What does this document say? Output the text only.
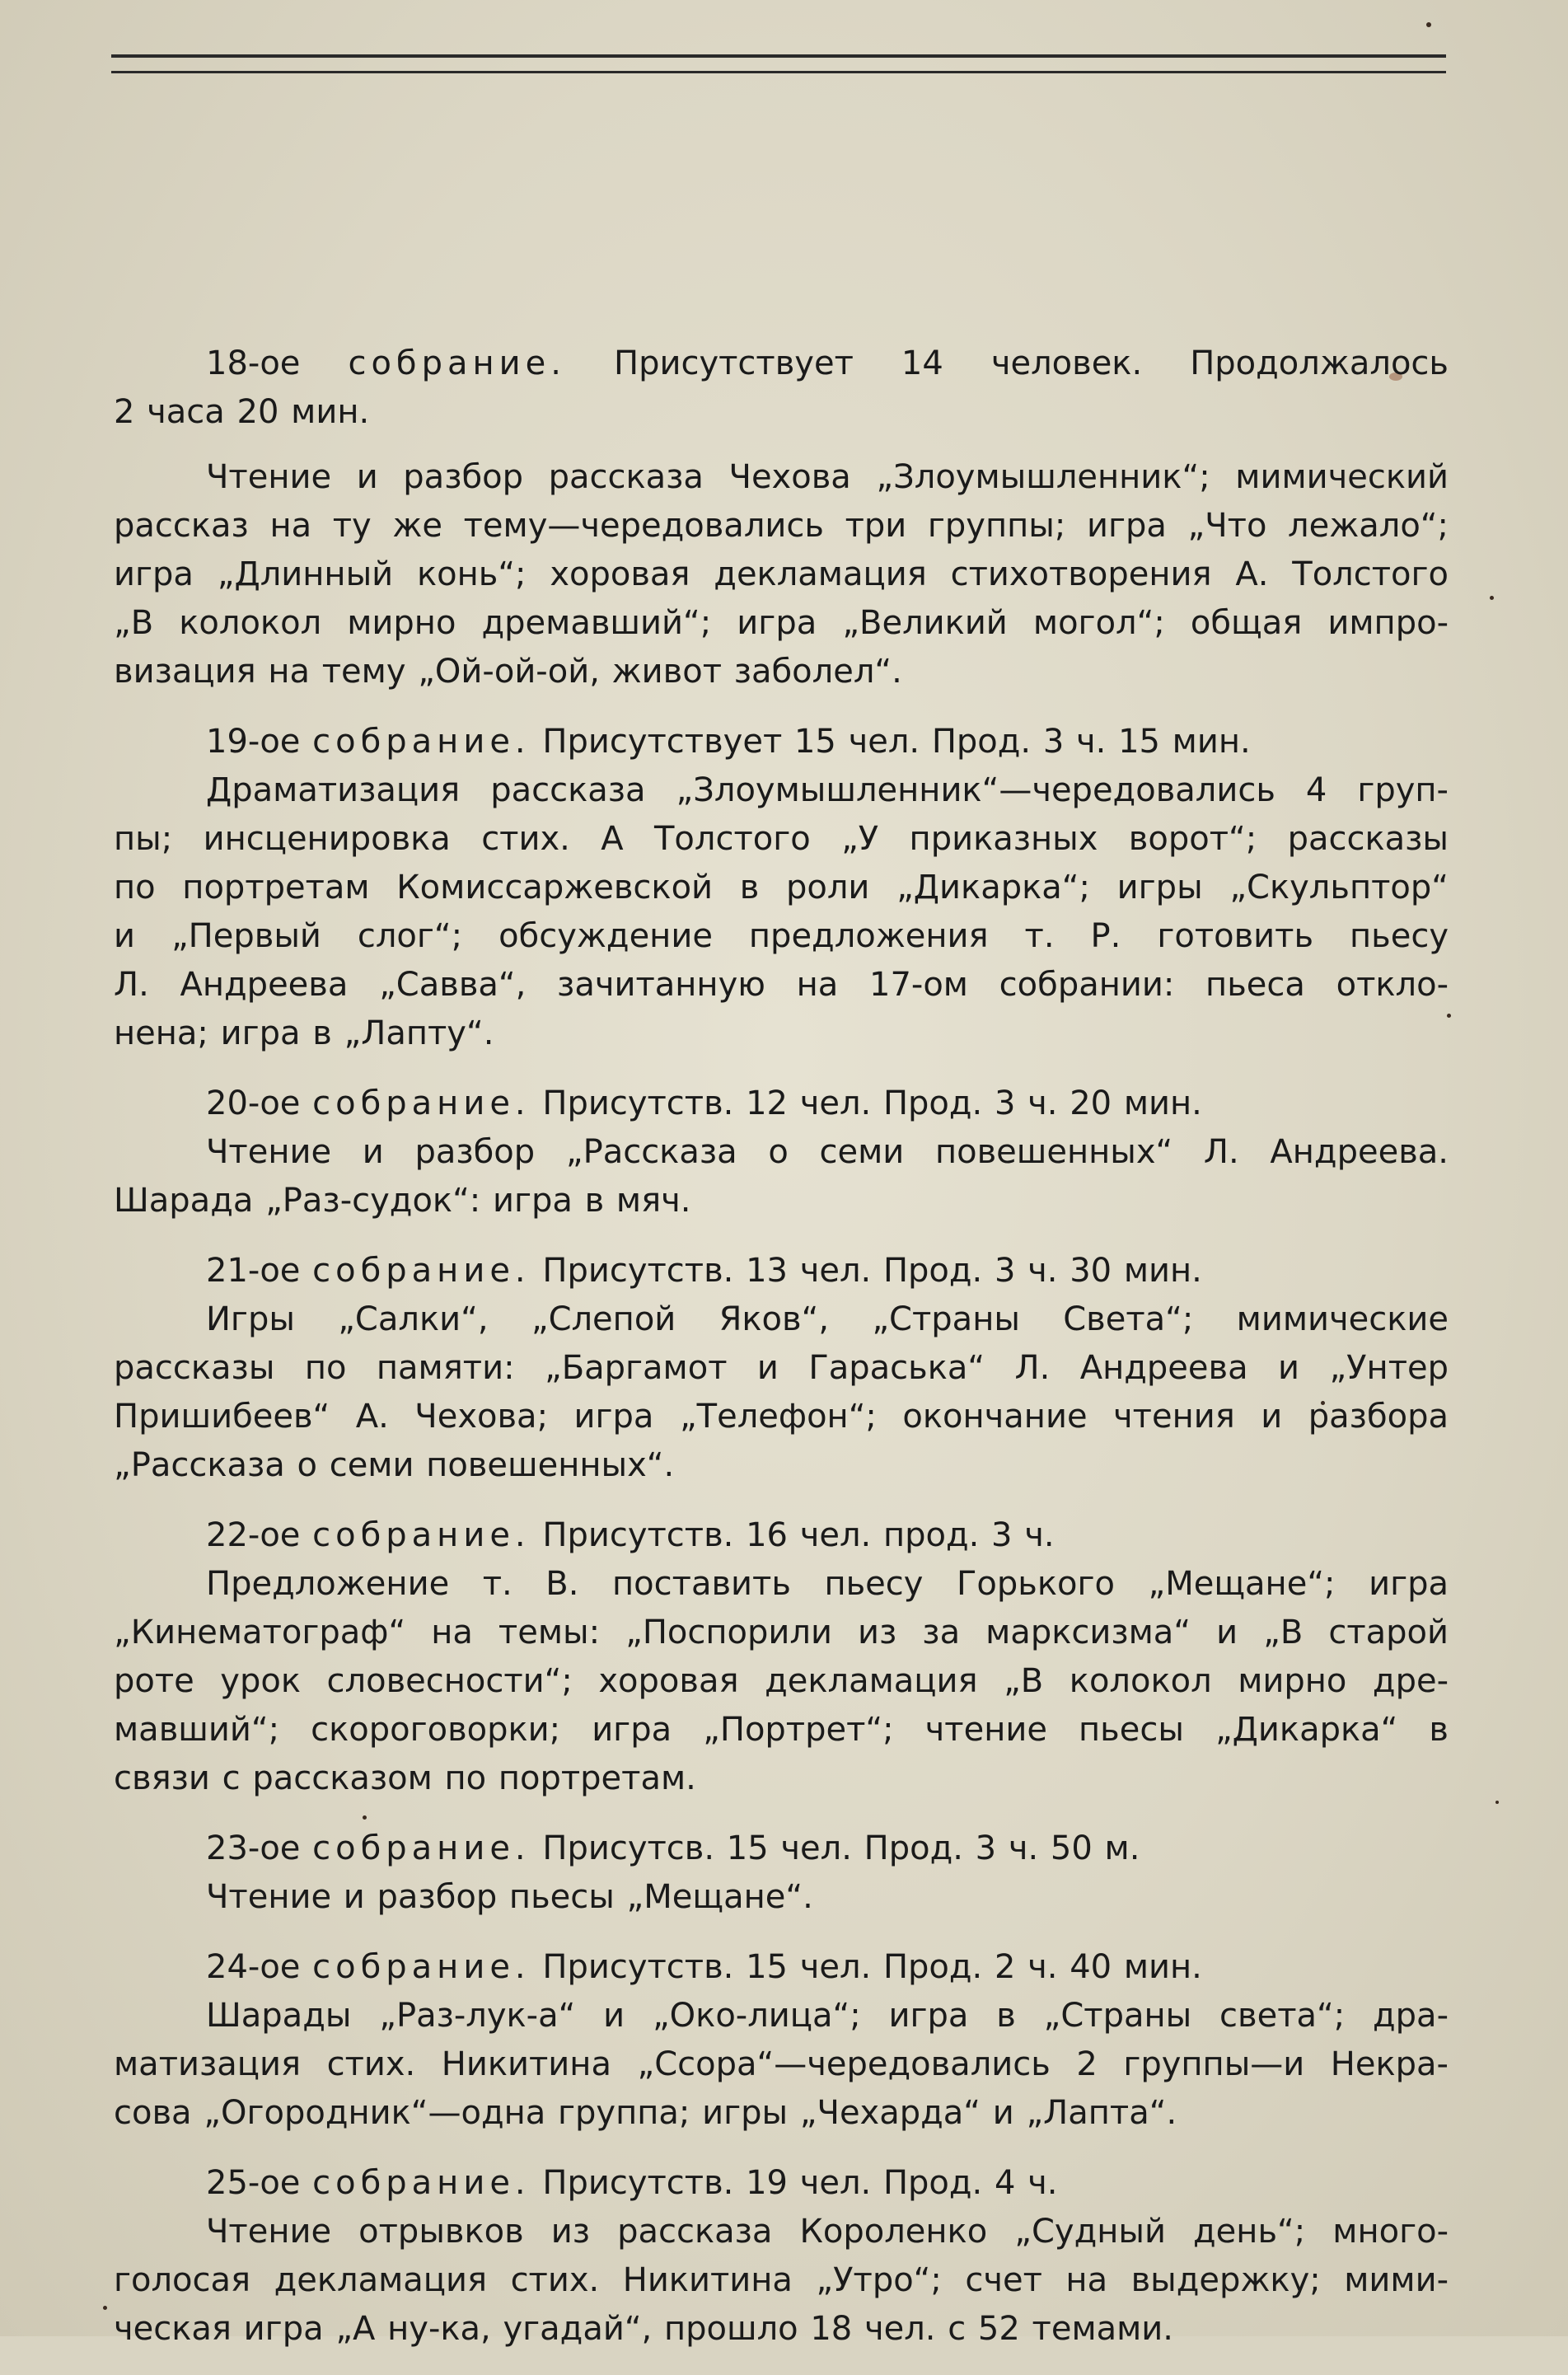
18-ое собрание. Присутствует 14 человек. Продолжалось
2 часа 20 мин.
Чтение и разбор рассказа Чехова „Злоумышленник“; мимический
рассказ на ту же тему—чередовались три группы; игра „Что лежало“;
игра „Длинный конь“; хоровая декламация стихотворения А. Толстого
„В колокол мирно дремавший“; игра „Великий могол“; общая импро-
визация на тему „Ой-ой-ой, живот заболел“.
19-ое собрание. Присутствует 15 чел. Прод. 3 ч. 15 мин.
Драматизация рассказа „Злоумышленник“—чередовались 4 груп-
пы; инсценировка стих. А Толстого „У приказных ворот“; рассказы
по портретам Комиссаржевской в роли „Дикарка“; игры „Скульптор“
и „Первый слог“; обсуждение предложения т. Р. готовить пьесу
Л. Андреева „Савва“, зачитанную на 17-ом собрании: пьеса откло-
нена; игра в „Лапту“.
20-ое собрание. Присутств. 12 чел. Прод. 3 ч. 20 мин.
Чтение и разбор „Рассказа о семи повешенных“ Л. Андреева.
Шарада „Раз-судок“: игра в мяч.
21-ое собрание. Присутств. 13 чел. Прод. 3 ч. 30 мин.
Игры „Салки“, „Слепой Яков“, „Страны Света“; мимические
рассказы по памяти: „Баргамот и Гараська“ Л. Андреева и „Унтер
Пришибеев“ А. Чехова; игра „Телефон“; окончание чтения и разбора
„Рассказа о семи повешенных“.
22-ое собрание. Присутств. 16 чел. прод. 3 ч.
Предложение т. В. поставить пьесу Горького „Мещане“; игра
„Кинематограф“ на темы: „Поспорили из за марксизма“ и „В старой
роте урок словесности“; хоровая декламация „В колокол мирно дре-
мавший“; скороговорки; игра „Портрет“; чтение пьесы „Дикарка“ в
связи с рассказом по портретам.
23-ое собрание. Присутсв. 15 чел. Прод. 3 ч. 50 м.
Чтение и разбор пьесы „Мещане“.
24-ое собрание. Присутств. 15 чел. Прод. 2 ч. 40 мин.
Шарады „Раз-лук-а“ и „Око-лица“; игра в „Страны света“; дра-
матизация стих. Никитина „Ссора“—чередовались 2 группы—и Некра-
сова „Огородник“—одна группа; игры „Чехарда“ и „Лапта“.
25-ое собрание. Присутств. 19 чел. Прод. 4 ч.
Чтение отрывков из рассказа Короленко „Судный день“; много-
голосая декламация стих. Никитина „Утро“; счет на выдержку; мими-
ческая игра „А ну-ка, угадай“, прошло 18 чел. с 52 темами.
